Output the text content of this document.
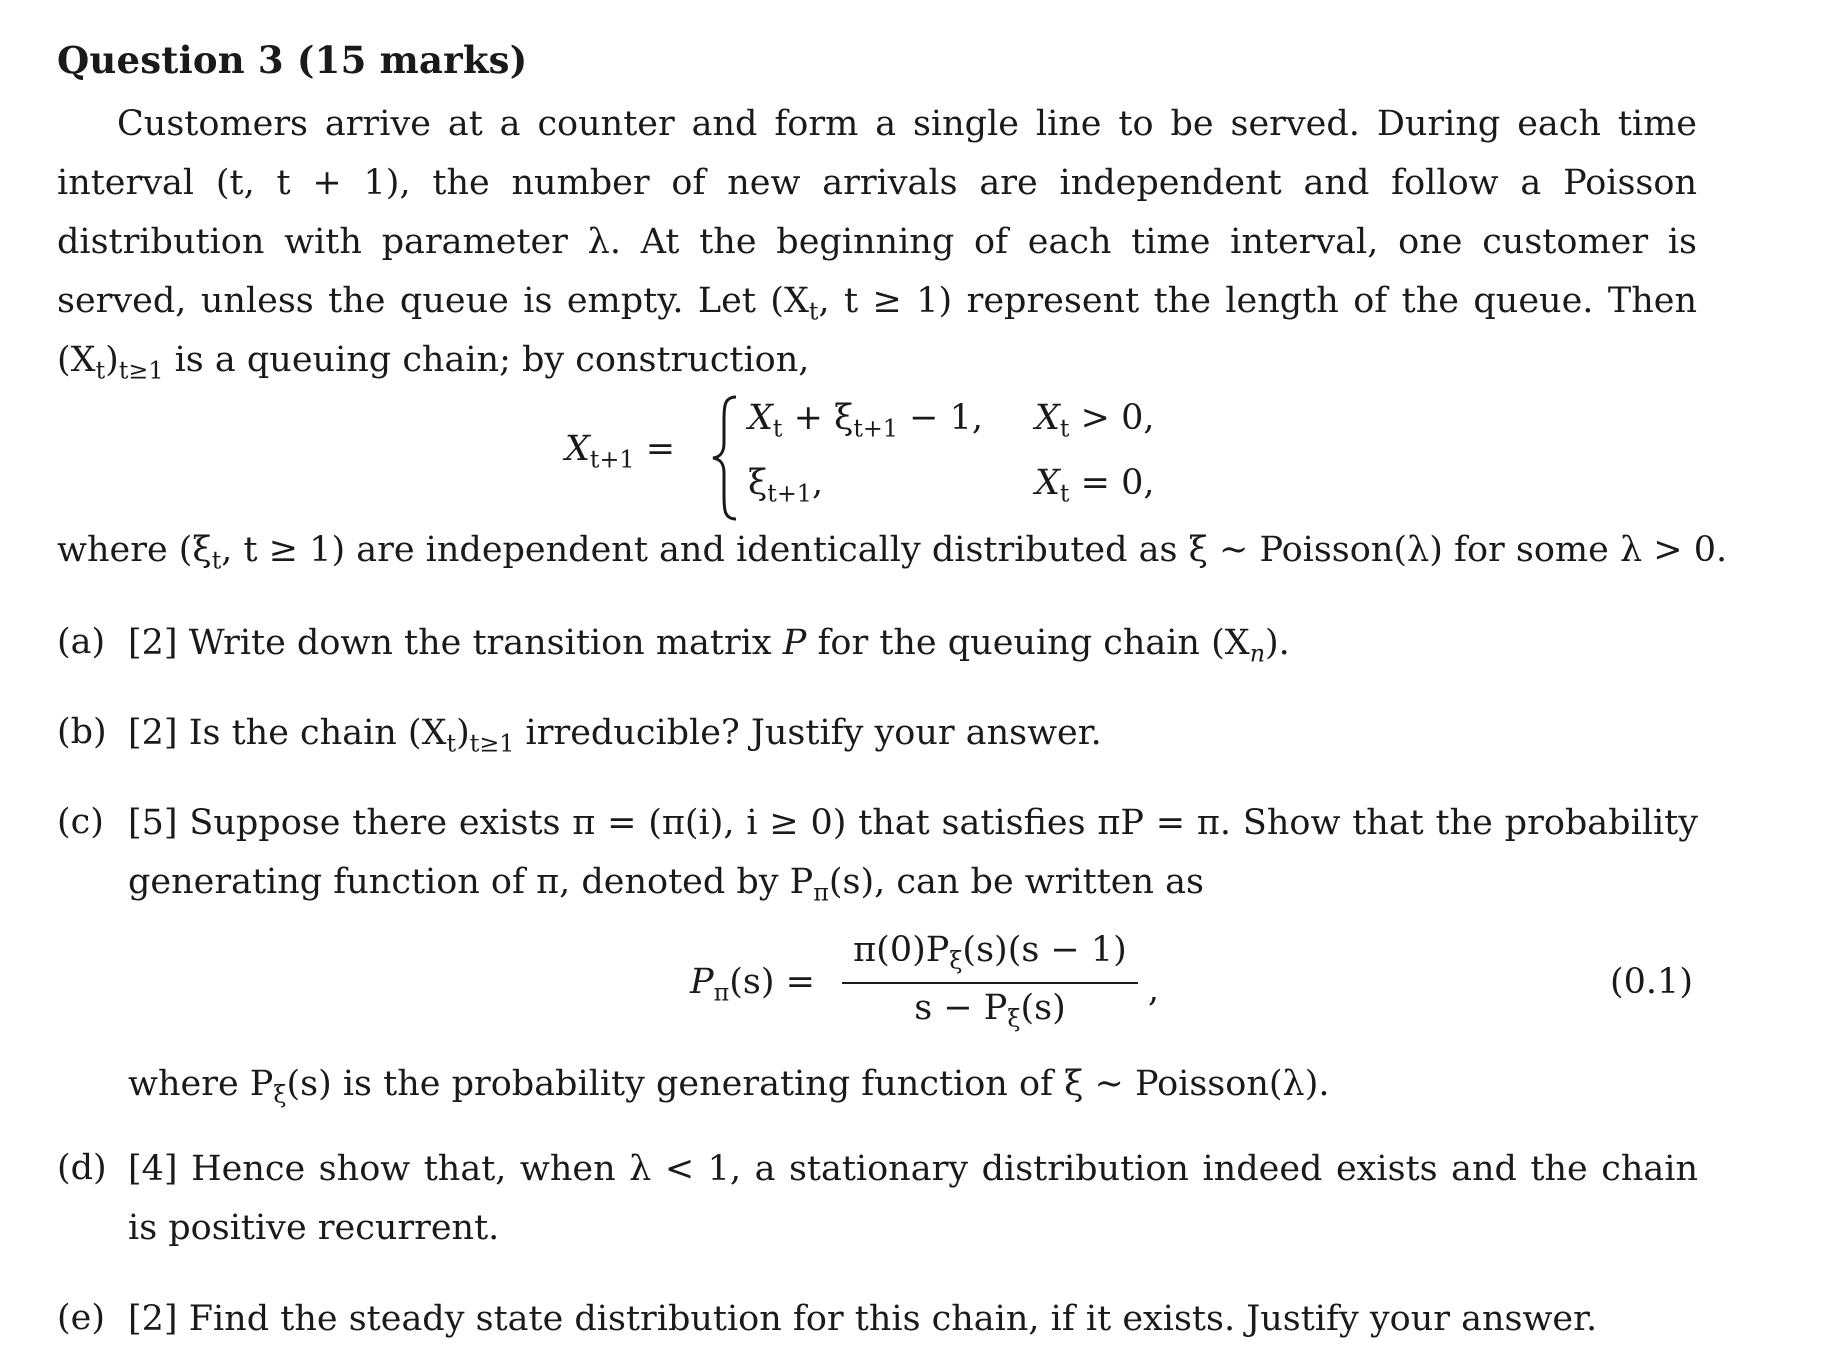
Question 3 (15 marks)

Customers arrive at a counter and form a single line to be served. During each time interval (t, t + 1), the number of new arrivals are independent and follow a Poisson distribution with parameter λ. At the beginning of each time interval, one customer is served, unless the queue is empty. Let ($X_t$, t ≥ 1) represent the length of the queue. Then $(X_t)_{t\ge 1}$ is a queuing chain; by construction,

$X_{t+1}$ =
$X_t + \xi_{t+1} - 1$, $X_t > 0$,
$\xi_{t+1}$,	$X_t = 0$,
where ($\xi_t$, t ≥ 1) are independent and identically distributed as ξ ∼ Poisson(λ) for some λ > 0.
(a) [2] Write down the transition matrix P for the queuing chain $(X_n)$.

(b) [2] Is the chain $(X_t)_{t\ge 1}$ irreducible? Justify your answer.

(c) [5] Suppose there exists π = (π(i), i ≥ 0) that satisfies πP = π. Show that the probability generating function of π, denoted by $P_\pi(s)$, can be written as

$P_\pi(s)$ =
$\pi(0)P_\xi(s)(s - 1)$
$s - P_\xi(s)$	,	(0.1)

where $P_\xi(s)$ is the probability generating function of ξ ∼ Poisson(λ).

(d) [4] Hence show that, when λ < 1, a stationary distribution indeed exists and the chain is positive recurrent.

(e) [2] Find the steady state distribution for this chain, if it exists. Justify your answer.
